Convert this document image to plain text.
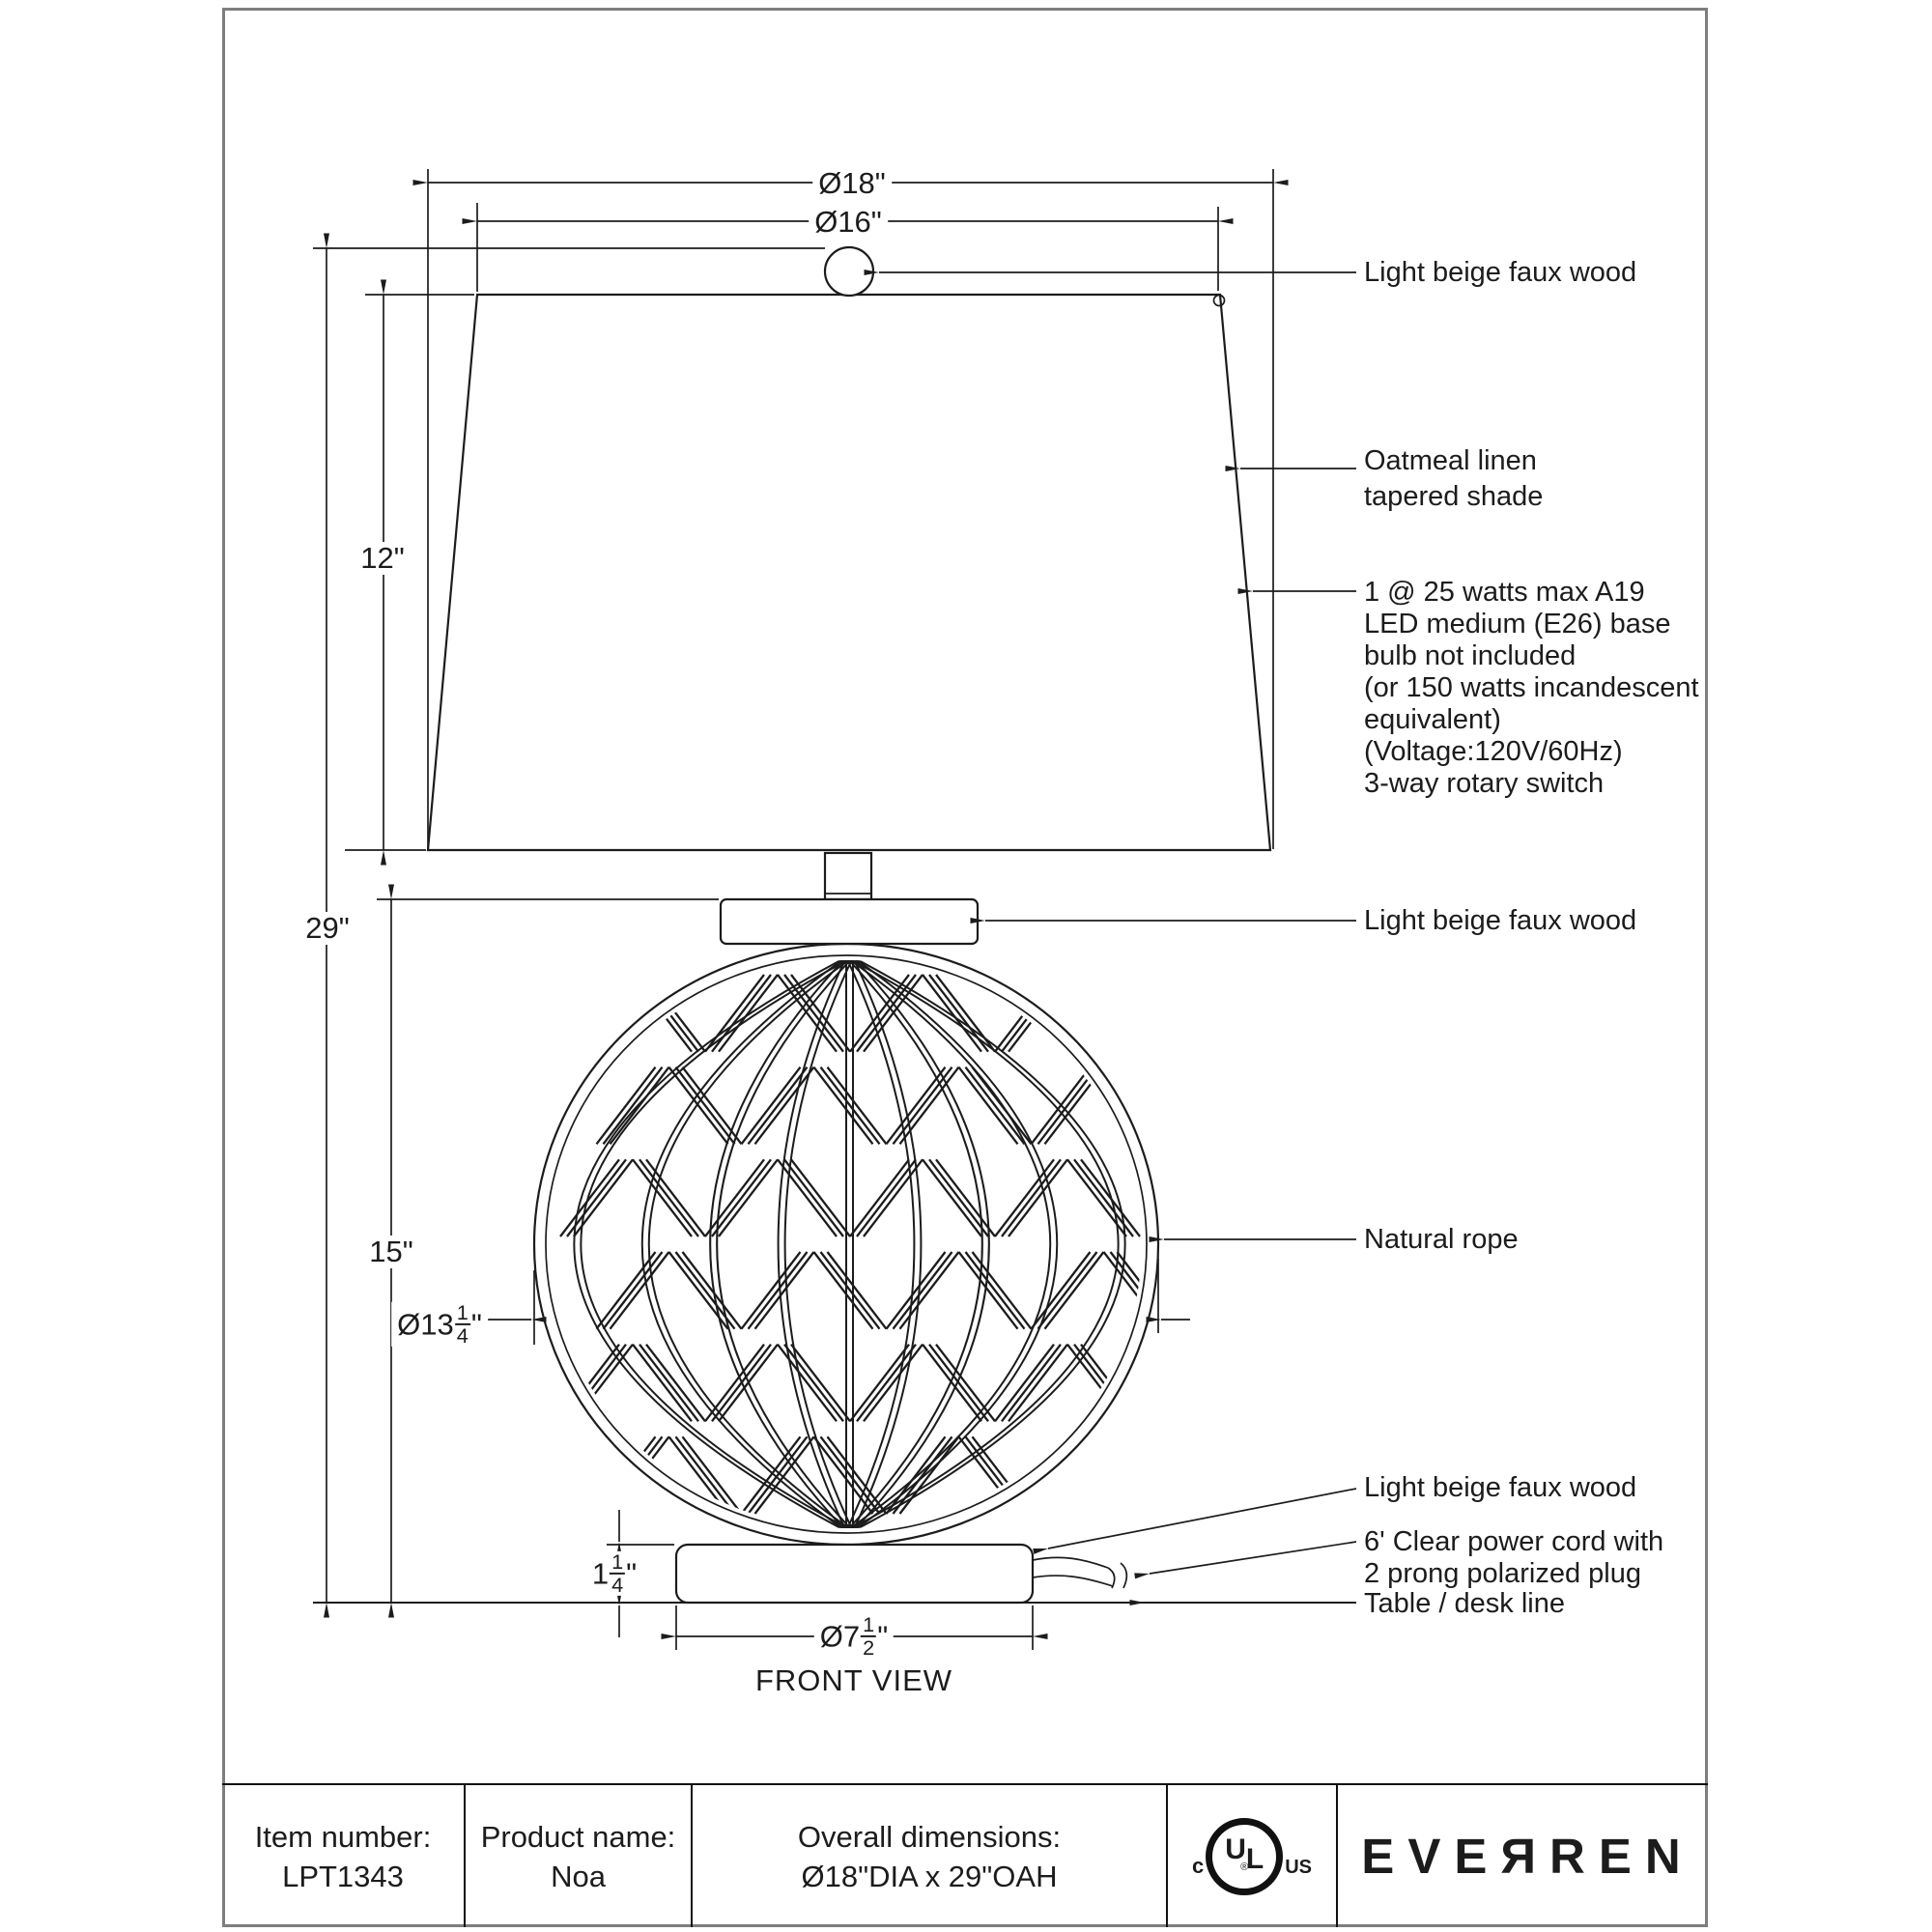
Ø18"
Ø16"
29"
12"
15"
Ø13 $\frac{1}{4}$ "
$1 \frac{1}{4}$ "
Ø7 $\frac{1}{2}$ "
FRONT VIEW
Light beige faux wood
Oatmeal linen
tapered shade
1 @ 25 watts max A19
LED medium (E26) base
bulb not included
(or 150 watts incandescent
equivalent)
(Voltage:120V/60Hz)
3-way rotary switch
Light beige faux wood
Natural rope
Light beige faux wood
6' Clear power cord with
2 prong polarized plug
Table / desk line
Item number:
LPT1343
Product name:
Noa
Overall dimensions:
Ø18"DIA x 29"OAH	c
UL
® US EVEЯREN
